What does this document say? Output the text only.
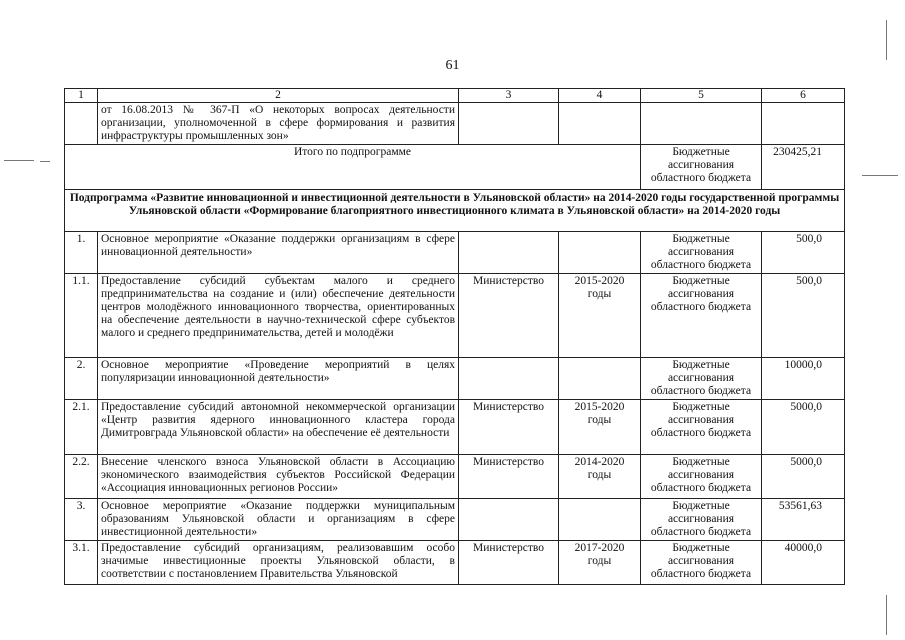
61
1	2	3	4	5	6
	от 16.08.2013 № 367-П «О некоторых вопросах деятельности организации, уполномоченной в сфере формирования и развития инфраструктуры промышленных зон»				
Итого по подпрограмме				Бюджетные ассигнования областного бюджета	230425,21
Подпрограмма «Развитие инновационной и инвестиционной деятельности в Ульяновской области» на 2014-2020 годы государственной программы Ульяновской области «Формирование благоприятного инвестиционного климата в Ульяновской области» на 2014-2020 годы					
1.	Основное мероприятие «Оказание поддержки организациям в сфере инновационной деятельности»			Бюджетные ассигнования областного бюджета	500,0
1.1.	Предоставление субсидий субъектам малого и среднего предпринимательства на создание и (или) обеспечение деятельности центров молодёжного инновационного творчества, ориентированных на обеспечение деятельности в научно-технической сфере субъектов малого и среднего предпринимательства, детей и молодёжи	Министерство	2015-2020 годы	Бюджетные ассигнования областного бюджета	500,0
2.	Основное мероприятие «Проведение мероприятий в целях популяризации инновационной деятельности»			Бюджетные ассигнования областного бюджета	10000,0
2.1.	Предоставление субсидий автономной некоммерческой организации «Центр развития ядерного инновационного кластера города Димитровграда Ульяновской области» на обеспечение её деятельности	Министерство	2015-2020 годы	Бюджетные ассигнования областного бюджета	5000,0
2.2.	Внесение членского взноса Ульяновской области в Ассоциацию экономического взаимодействия субъектов Российской Федерации «Ассоциация инновационных регионов России»	Министерство	2014-2020 годы	Бюджетные ассигнования областного бюджета	5000,0
3.	Основное мероприятие «Оказание поддержки муниципальным образованиям Ульяновской области и организациям в сфере инвестиционной деятельности»			Бюджетные ассигнования областного бюджета	53561,63
3.1.	Предоставление субсидий организациям, реализовавшим особо значимые инвестиционные проекты Ульяновской области, в соответствии с постановлением Правительства Ульяновской	Министерство	2017-2020 годы	Бюджетные ассигнования областного бюджета	40000,0
